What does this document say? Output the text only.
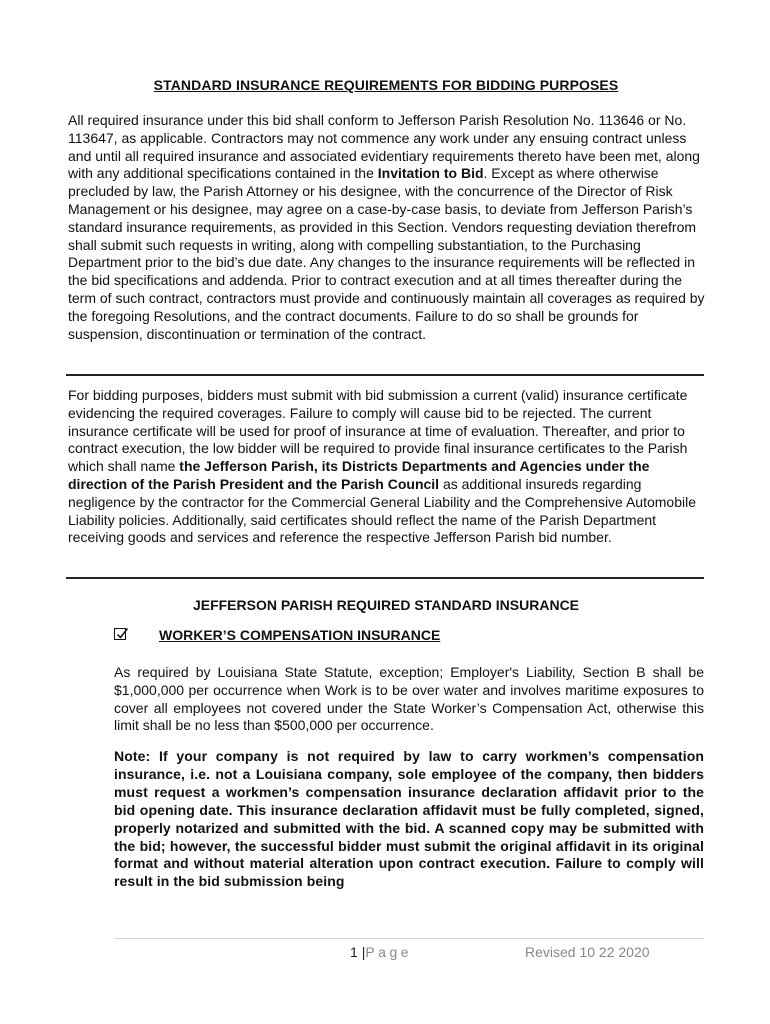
STANDARD INSURANCE REQUIREMENTS FOR BIDDING PURPOSES
All required insurance under this bid shall conform to Jefferson Parish Resolution No. 113646 or No. 113647, as applicable. Contractors may not commence any work under any ensuing contract unless and until all required insurance and associated evidentiary requirements thereto have been met, along with any additional specifications contained in the Invitation to Bid. Except as where otherwise precluded by law, the Parish Attorney or his designee, with the concurrence of the Director of Risk Management or his designee, may agree on a case-by-case basis, to deviate from Jefferson Parish’s standard insurance requirements, as provided in this Section. Vendors requesting deviation therefrom shall submit such requests in writing, along with compelling substantiation, to the Purchasing Department prior to the bid’s due date. Any changes to the insurance requirements will be reflected in the bid specifications and addenda. Prior to contract execution and at all times thereafter during the term of such contract, contractors must provide and continuously maintain all coverages as required by the foregoing Resolutions, and the contract documents. Failure to do so shall be grounds for suspension, discontinuation or termination of the contract.
For bidding purposes, bidders must submit with bid submission a current (valid) insurance certificate evidencing the required coverages. Failure to comply will cause bid to be rejected. The current insurance certificate will be used for proof of insurance at time of evaluation. Thereafter, and prior to contract execution, the low bidder will be required to provide final insurance certificates to the Parish which shall name the Jefferson Parish, its Districts Departments and Agencies under the direction of the Parish President and the Parish Council as additional insureds regarding negligence by the contractor for the Commercial General Liability and the Comprehensive Automobile Liability policies. Additionally, said certificates should reflect the name of the Parish Department receiving goods and services and reference the respective Jefferson Parish bid number.
JEFFERSON PARISH REQUIRED STANDARD INSURANCE
WORKER’S COMPENSATION INSURANCE
As required by Louisiana State Statute, exception; Employer's Liability, Section B shall be $1,000,000 per occurrence when Work is to be over water and involves maritime exposures to cover all employees not covered under the State Worker’s Compensation Act, otherwise this limit shall be no less than $500,000 per occurrence.
Note: If your company is not required by law to carry workmen’s compensation insurance, i.e. not a Louisiana company, sole employee of the company, then bidders must request a workmen’s compensation insurance declaration affidavit prior to the bid opening date. This insurance declaration affidavit must be fully completed, signed, properly notarized and submitted with the bid. A scanned copy may be submitted with the bid; however, the successful bidder must submit the original affidavit in its original format and without material alteration upon contract execution. Failure to comply will result in the bid submission being
1 |Page	Revised 10 22 2020
